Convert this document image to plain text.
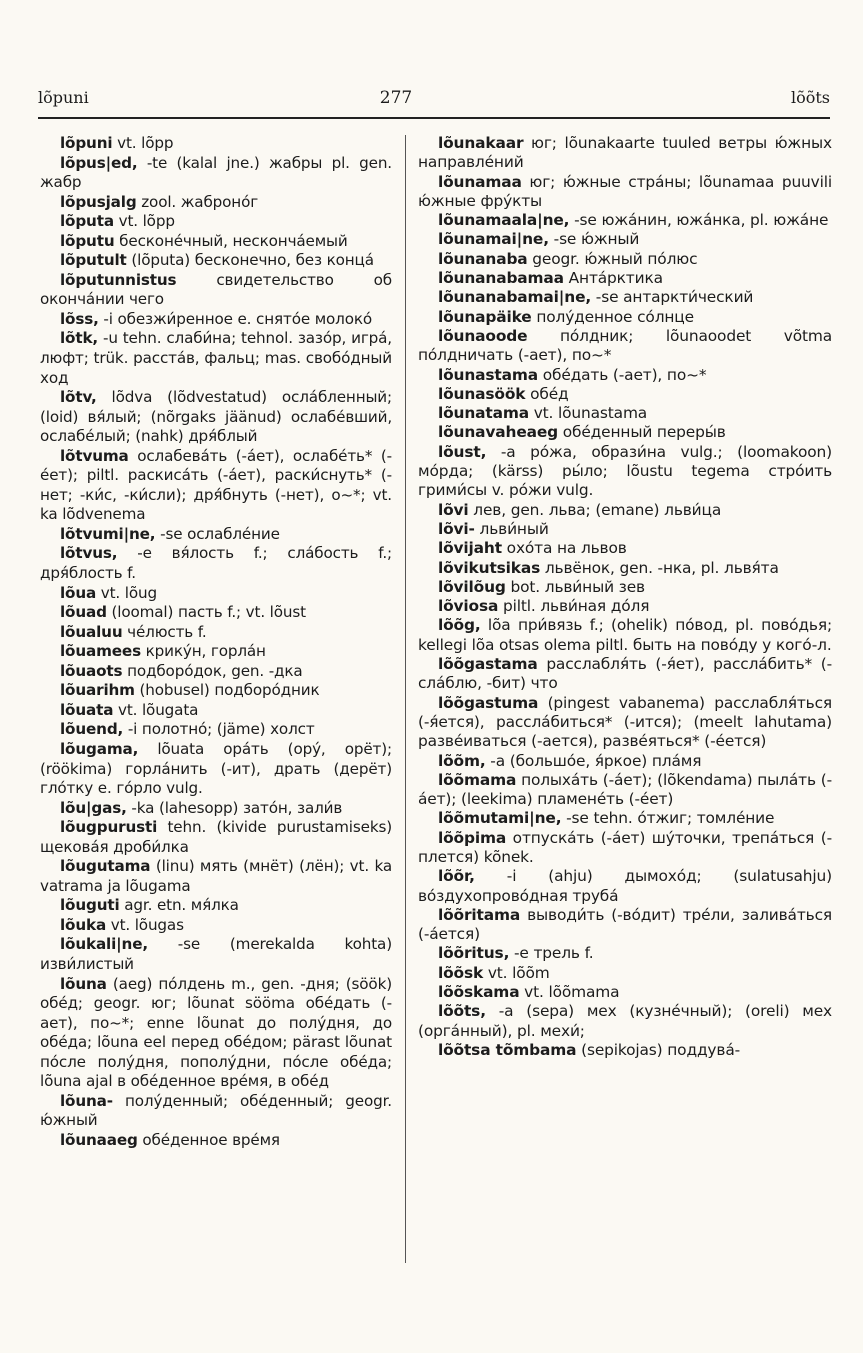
lõpuni	277	lõõts

lõpuni vt. lõpp

lõpus|ed, -te (kalal jne.) жабры pl. gen. жабр

lõpusjalg zool. жаброно́г

lõputa vt. lõpp

lõputu бесконе́чный, нескончáемый

lõputult (lõputa) бесконечно, без концá

lõputunnistus свидетельство об окончáнии чего

lõss, -i обезжи́ренное e. снятóе молокó

lõtk, -u tehn. слаби́на; tehnol. зазóр, игрá, люфт; trük. расстáв, фальц; mas. свобóдный ход

lõtv, lõdva (lõdvestatud) ослáбленный; (loid) вя́лый; (nõrgaks jäänud) ослабе́вший, ослабе́лый; (nahk) дря́блый

lõtvuma ослабевáть (-áет), ослабе́ть* (-éет); piltl. раскисáть (-áет), раски́снуть* (-нет; -ки́с, -ки́сли); дря́бнуть (-нет), о~*; vt. ka lõdvenema

lõtvumi|ne, -se ослабле́ние

lõtvus, -e вя́лость f.; слáбость f.; дря́блость f.

lõua vt. lõug

lõuad (loomal) пасть f.; vt. lõust

lõualuu че́люсть f.

lõuamees крику́н, горлáн

lõuaots подборо́док, gen. -дка

lõuarihm (hobusel) подборо́дник

lõuata vt. lõugata

lõuend, -i полотнó; (jäme) холст

lõugama, lõuata орáть (ору́, орёт); (röökima) горлáнить (-ит), драть (дерёт) глóтку e. гóрло vulg.

lõu|gas, -ka (lahesopp) затóн, зали́в

lõugpurusti tehn. (kivide purustamiseks) щековáя дроби́лка

lõugutama (linu) мять (мнёт) (лён); vt. ka vatrama ja lõugama

lõuguti agr. etn. мя́лка

lõuka vt. lõugas

lõukali|ne, -se (merekalda kohta) изви́листый

lõuna (aeg) пóлдень m., gen. -дня; (söök) обéд; geogr. юг; lõunat sööma обéдать (-ает), по~*; enne lõunat до полу́дня, до обе́да; lõuna eel перед обе́дом; pärast lõunat пóсле полу́дня, пополу́дни, пóсле обе́да; lõuna ajal в обе́денное вре́мя, в обе́д

lõuna- полу́денный; обе́денный; geogr. ю́жный

lõunaaeg обе́денное вре́мя

lõunakaar юг; lõunakaarte tuuled ветры ю́жных направле́ний

lõunamaa юг; ю́жные стрáны; lõunamaa puuvili ю́жные фру́кты

lõunamaala|ne, -se южáнин, южáнка, pl. южáне

lõunamai|ne, -se ю́жный

lõunanaba geogr. ю́жный пóлюс

lõunanabamaa Антáрктика

lõunanabamai|ne, -se антаркти́ческий

lõunapäike полу́денное сóлнце

lõunaoode пóлдник; lõunaoodet võtma пóлдничать (-ает), по~*

lõunastama обе́дать (-ает), по~*

lõunasöök обе́д

lõunatama vt. lõunastama

lõunavaheaeg обе́денный переры́в

lõust, -a рóжа, образи́на vulg.; (loomakoon) мóрда; (kärss) ры́ло; lõustu tegema стрóить грими́сы v. рóжи vulg.

lõvi лев, gen. льва; (emane) льви́ца

lõvi- льви́ный

lõvijaht охóта на львов

lõvikutsikas львёнок, gen. -нка, pl. львя́та

lõvilõug bot. льви́ный зев

lõviosa piltl. льви́ная дóля

lõõg, lõa при́вязь f.; (ohelik) пóвод, pl. повóдья; kellegi lõa otsas olema piltl. быть на повóду у когó-л.

lõõgastama расслабля́ть (-я́ет), расслáбить* (-слáблю, -бит) что

lõõgastuma (pingest vabanema) расслабля́ться (-я́ется), расслáбиться* (-ится); (meelt lahutama) развéиваться (-ается), развéяться* (-éется)

lõõm, -a (большóе, я́ркое) плáмя

lõõmama полыхáть (-áет); (lõkendama) пылáть (-áет); (leekima) пламенéть (-éет)

lõõmutami|ne, -se tehn. óтжиг; томлéние

lõõpima отпускáть (-áет) шу́точки, трепáться (-плется) kõnek.

lõõr, -i (ahju) дымохóд; (sulatusahju) вóздухопровóдная трубá

lõõritama выводи́ть (-вóдит) тре́ли, заливáться (-áется)

lõõritus, -e трель f.

lõõsk vt. lõõm

lõõskama vt. lõõmama

lõõts, -a (sepa) мех (кузне́чный); (oreli) мех (оргáнный), pl. мехи́;

lõõtsa tõmbama (sepikojas) поддува́-
